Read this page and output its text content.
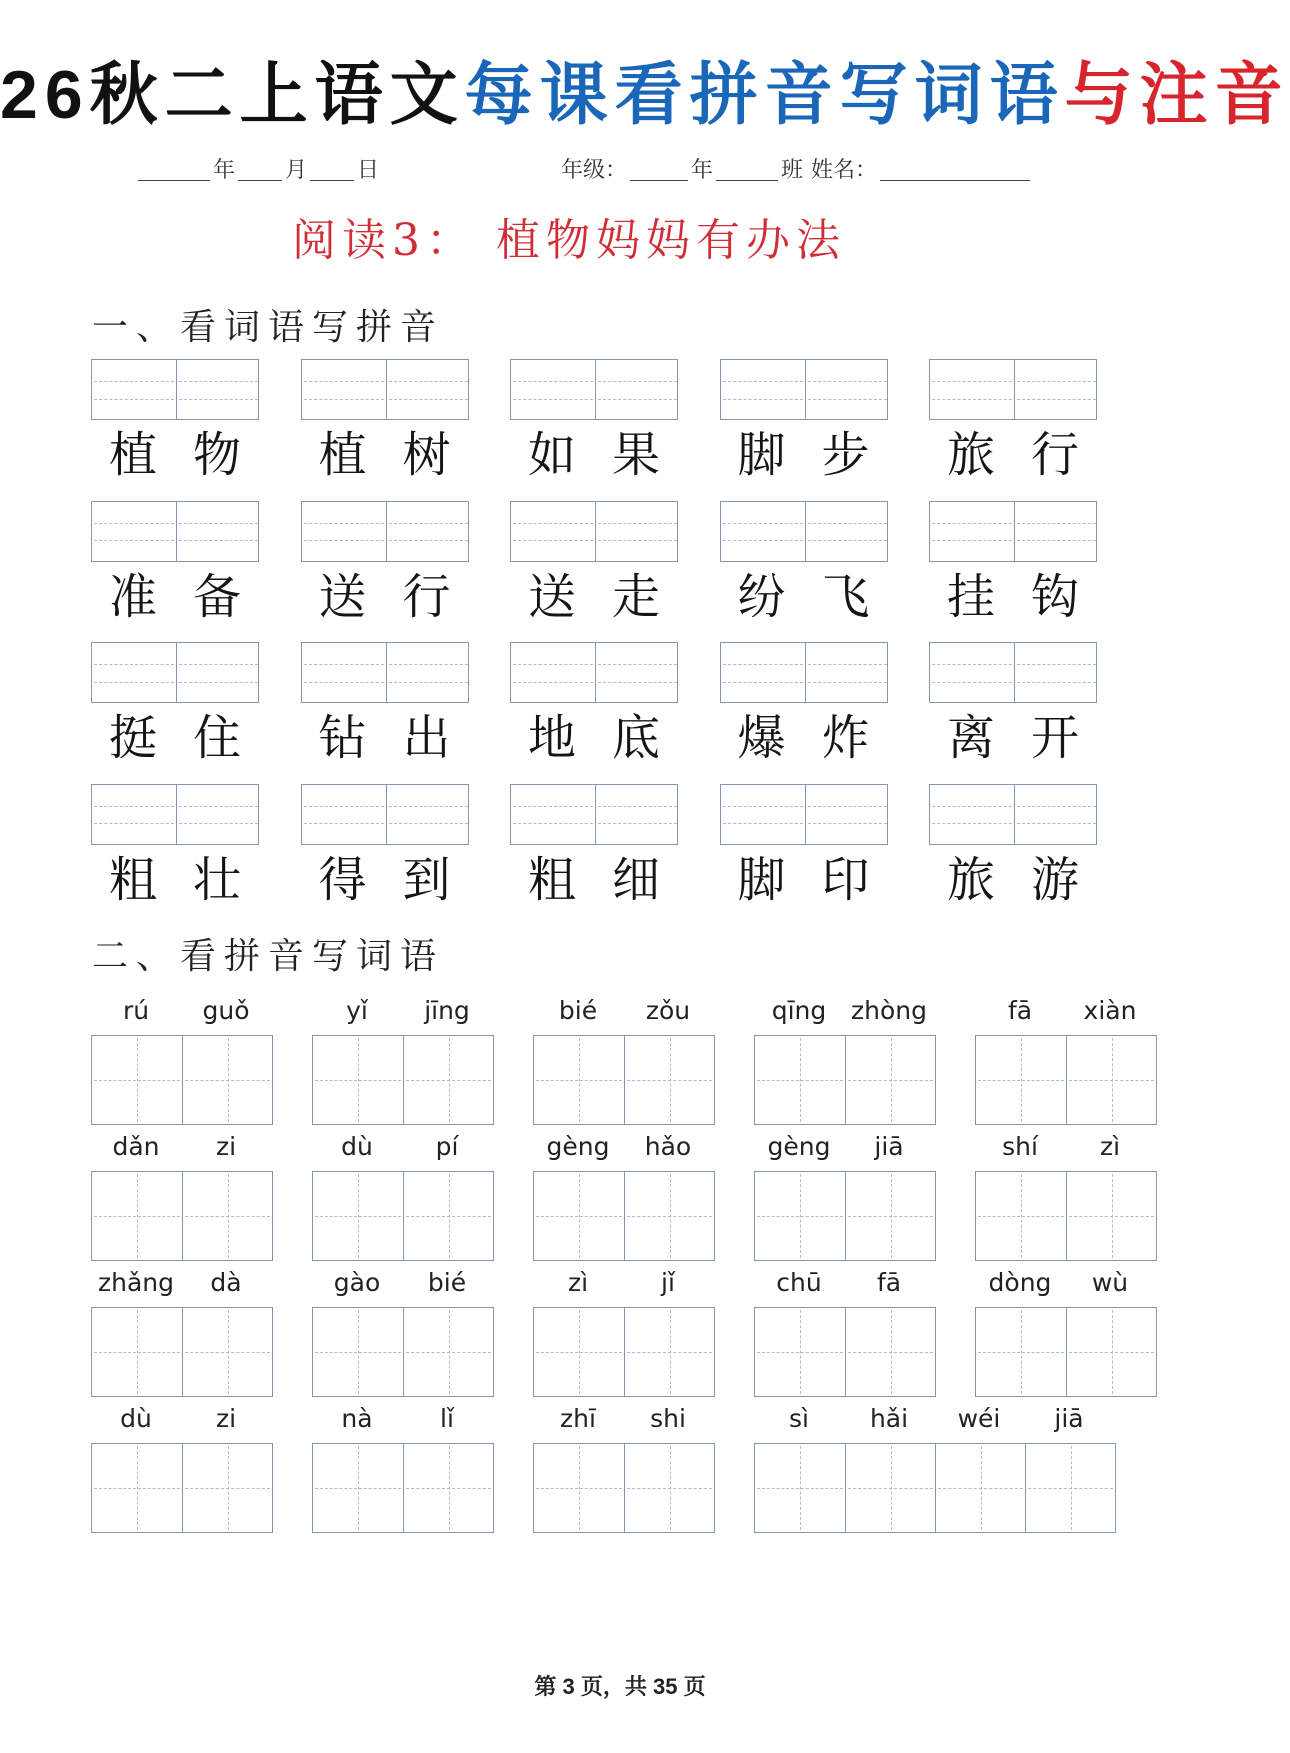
26秋二上语文每课看拼音写词语与注音
年 月 日	年级：	年	班 姓名：
阅读3： 植物妈妈有办法
一、看词语写拼音
二、看拼音写词语
第 3 页，共 35 页
植 物	植 树	如 果	脚 步	旅 行
准 备	送 行	送 走	纷 飞	挂 钩
挺 住	钻 出	地 底	爆 炸	离 开
粗 壮	得 到	粗 细	脚 印	旅 游
rú	guǒ	yǐ	jīng	bié	zǒu	qīng zhòng	fā	xiàn
dǎn	zi	dù	pí	gèng	hǎo	gèng	jiā	shí	zì
zhǎng	dà	gào	bié	zì	jǐ	chū	fā	dòng	wù
dù	zi	nà	lǐ	zhī	shi	sì	hǎi	wéi	jiā
